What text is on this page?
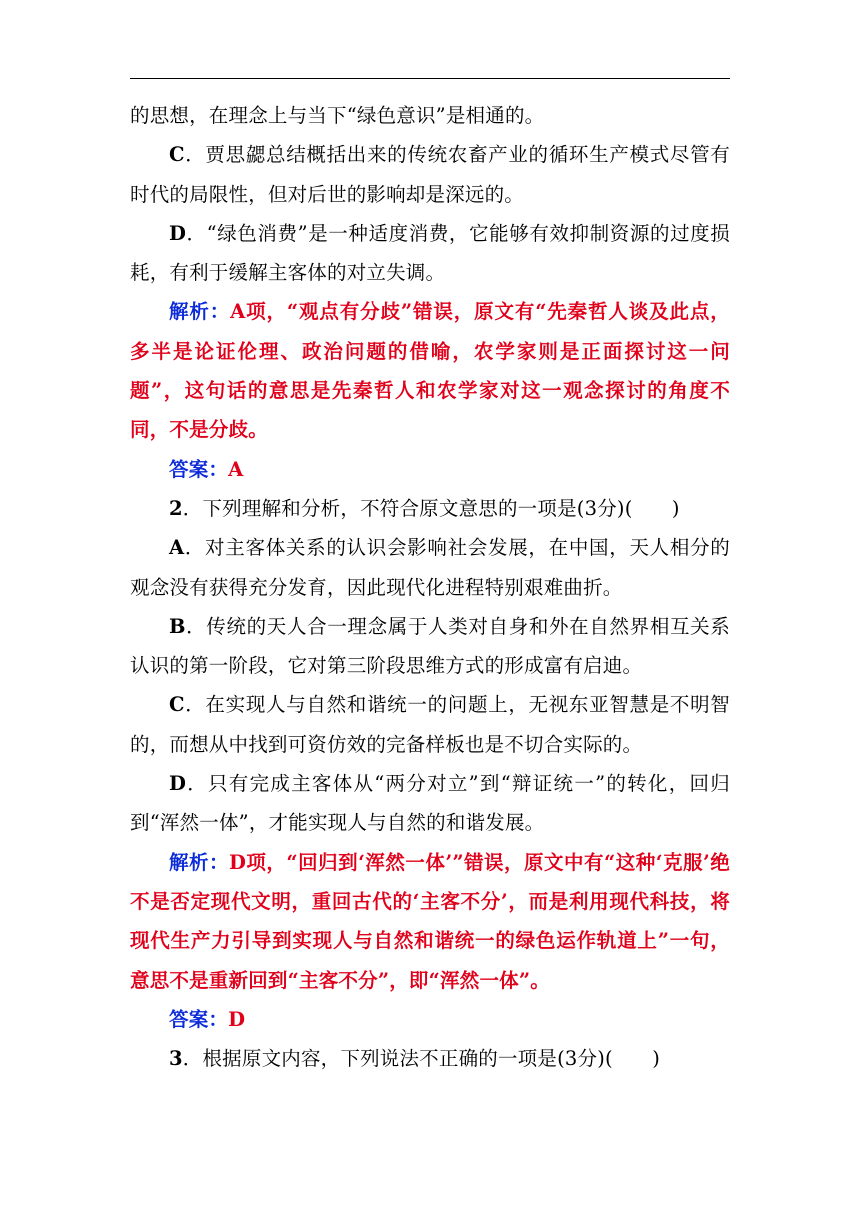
的思想，在理念上与当下“绿色意识”是相通的。

C．贾思勰总结概括出来的传统农畜产业的循环生产模式尽管有时代的局限性，但对后世的影响却是深远的。

D．“绿色消费”是一种适度消费，它能够有效抑制资源的过度损耗，有利于缓解主客体的对立失调。

解析：A项，“观点有分歧”错误，原文有“先秦哲人谈及此点，多半是论证伦理、政治问题的借喻，农学家则是正面探讨这一问题”，这句话的意思是先秦哲人和农学家对这一观念探讨的角度不同，不是分歧。

答案：A

2．下列理解和分析，不符合原文意思的一项是(3分)(　　)

A．对主客体关系的认识会影响社会发展，在中国，天人相分的观念没有获得充分发育，因此现代化进程特别艰难曲折。

B．传统的天人合一理念属于人类对自身和外在自然界相互关系认识的第一阶段，它对第三阶段思维方式的形成富有启迪。

C．在实现人与自然和谐统一的问题上，无视东亚智慧是不明智的，而想从中找到可资仿效的完备样板也是不切合实际的。

D．只有完成主客体从“两分对立”到“辩证统一”的转化，回归到“浑然一体”，才能实现人与自然的和谐发展。

解析：D项，“回归到‘浑然一体’”错误，原文中有“这种‘克服’绝不是否定现代文明，重回古代的‘主客不分’，而是利用现代科技，将现代生产力引导到实现人与自然和谐统一的绿色运作轨道上”一句，意思不是重新回到“主客不分”，即“浑然一体”。

答案：D

3．根据原文内容，下列说法不正确的一项是(3分)(　　)
